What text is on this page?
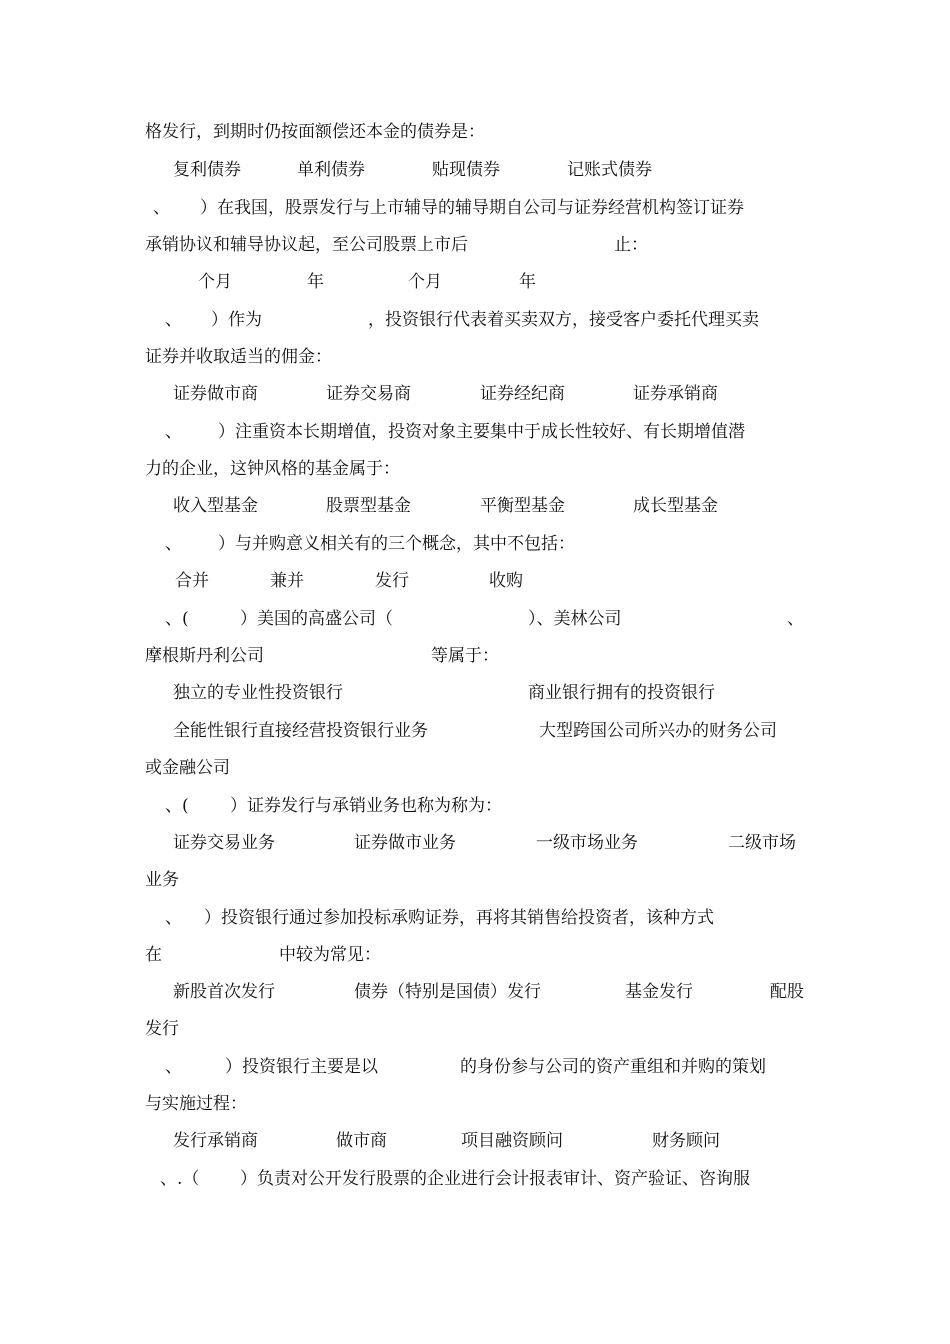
格发行，到期时仍按面额偿还本金的债券是：
复利债券	单利债券	贴现债券	记账式债券
、 ）在我国，股票发行与上市辅导的辅导期自公司与证券经营机构签订证券
承销协议和辅导协议起，至公司股票上市后	止：
个月	年	个月	年
、 ）作为	，投资银行代表着买卖双方，接受客户委托代理买卖
证券并收取适当的佣金：
证券做市商	证券交易商	证券经纪商	证券承销商
、 ）注重资本长期增值，投资对象主要集中于成长性较好、有长期增值潜
力的企业，这钟风格的基金属于：
收入型基金	股票型基金	平衡型基金	成长型基金
、 ）与并购意义相关有的三个概念，其中不包括：
合并	兼并	发行	收购
、(	）美国的高盛公司（	）、美林公司	、
摩根斯丹利公司	等属于：
独立的专业性投资银行	商业银行拥有的投资银行
全能性银行直接经营投资银行业务	大型跨国公司所兴办的财务公司
或金融公司
、( ）证券发行与承销业务也称为称为：
证券交易业务	证券做市业务	一级市场业务	二级市场
业务
、 ）投资银行通过参加投标承购证券，再将其销售给投资者，该种方式
在	中较为常见：
新股首次发行	债券（特别是国债）发行	基金发行	配股
发行
、	）投资银行主要是以	的身份参与公司的资产重组和并购的策划
与实施过程：
发行承销商	做市商	项目融资顾问	财务顾问
、.（ ）负责对公开发行股票的企业进行会计报表审计、资产验证、咨询服
